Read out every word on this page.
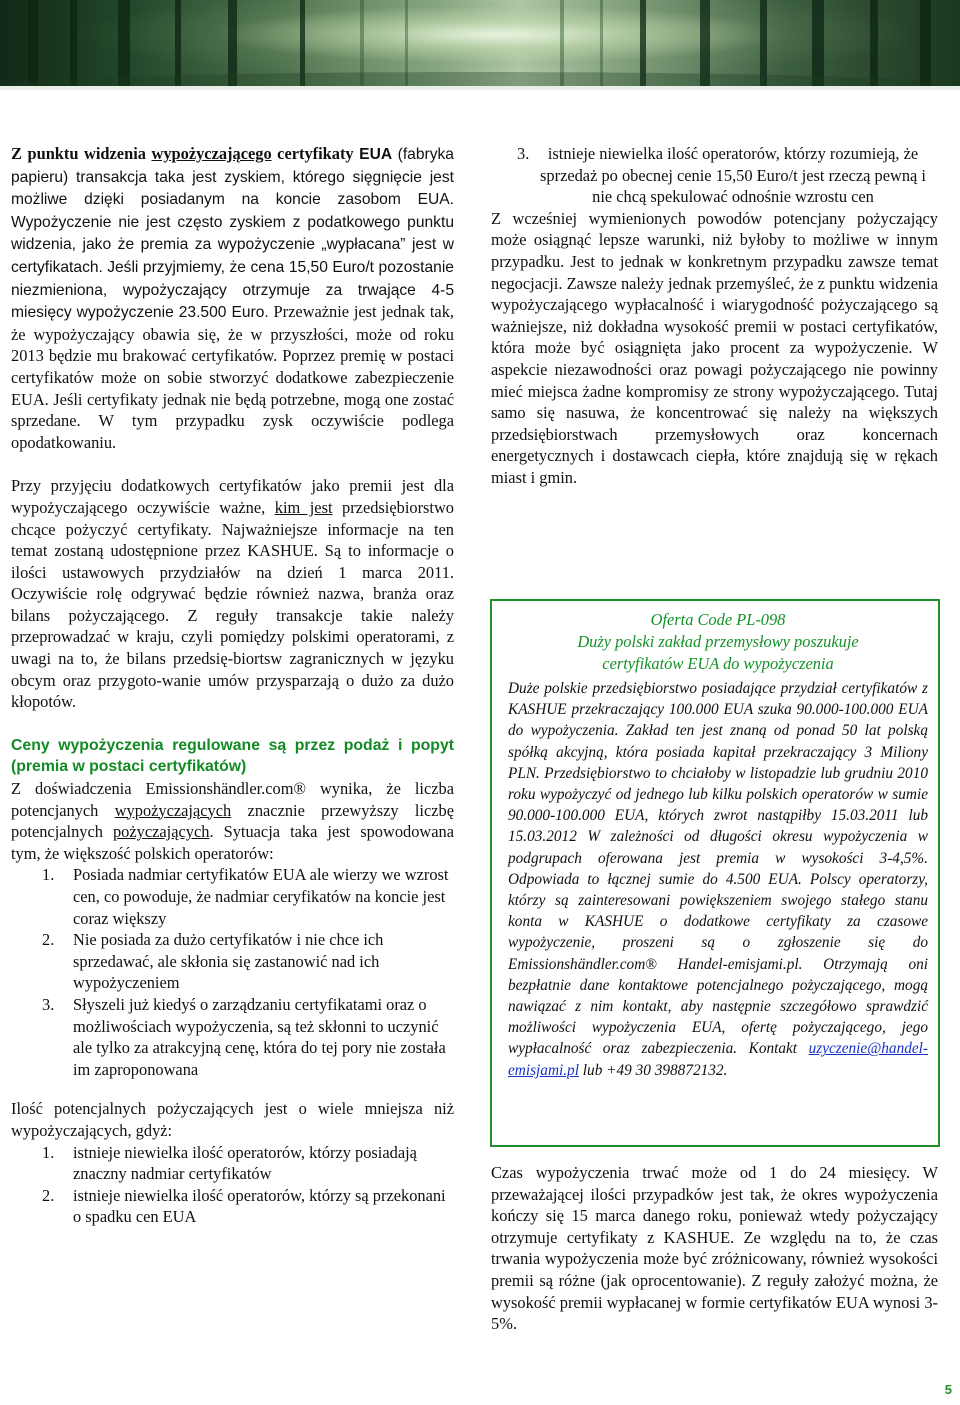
Z punktu widzenia wypożyczającego certyfikaty EUA (fabryka papieru) transakcja taka jest zyskiem, którego sięgnięcie jest możliwe dzięki posiadanym na koncie zasobom EUA. Wypożyczenie nie jest często zyskiem z podatkowego punktu widzenia, jako że premia za wypożyczenie „wypłacana” jest w certyfikatach. Jeśli przyjmiemy, że cena 15,50 Euro/t pozostanie niezmieniona, wypożyczający otrzymuje za trwające 4-5 miesięcy wypożyczenie 23.500 Euro. Przeważnie jest jednak tak, że wypożyczający obawia się, że w przyszłości, może od roku 2013 będzie mu brakować certyfikatów. Poprzez premię w postaci certyfikatów może on sobie stworzyć dodatkowe zabezpieczenie EUA. Jeśli certyfikaty jednak nie będą potrzebne, mogą one zostać sprzedane. W tym przypadku zysk oczywiście podlega opodatkowaniu.

Przy przyjęciu dodatkowych certyfikatów jako premii jest dla wypożyczającego oczywiście ważne, kim jest przedsiębiorstwo chcące pożyczyć certyfikaty. Najważniejsze informacje na ten temat zostaną udostępnione przez KASHUE. Są to informacje o ilości ustawowych przydziałów na dzień 1 marca 2011. Oczywiście rolę odgrywać będzie również nazwa, branża oraz bilans pożyczającego. Z reguły transakcje takie należy przeprowadzać w kraju, czyli pomiędzy polskimi operatorami, z uwagi na to, że bilans przedsię-biortsw zagranicznych w języku obcym oraz przygoto-wanie umów przysparzają o dużo za dużo kłopotów.

Ceny wypożyczenia regulowane są przez podaż i popyt (premia w postaci certyfikatów)

Z doświadczenia Emissionshändler.com® wynika, że liczba potencjanych wypożyczających znacznie przewyższy liczbę potencjalnych pożyczających. Sytuacja taka jest spowodowana tym, że większość polskich operatorów:

1. Posiada nadmiar certyfikatów EUA ale wierzy we wzrost cen, co powoduje, że nadmiar ceryfikatów na koncie jest coraz większy
2. Nie posiada za dużo certyfikatów i nie chce ich sprzedawać, ale skłonia się zastanowić nad ich wypożyczeniem
3. Słyszeli już kiedyś o zarządzaniu certyfikatami oraz o możliwościach wypożyczenia, są też skłonni to uczynić ale tylko za atrakcyjną cenę, która do tej pory nie została im zaproponowana

Ilość potencjalnych pożyczających jest o wiele mniejsza niż wypożyczających, gdyż:

1. istnieje niewielka ilość operatorów, którzy posiadają znaczny nadmiar certyfikatów
2. istnieje niewielka ilość operatorów, którzy są przekonani o spadku cen EUA
3. istnieje niewielka ilość operatorów, którzy rozumieją, że sprzedaż po obecnej cenie 15,50 Euro/t jest rzeczą pewną i nie chcą spekulować odnośnie wzrostu cen

Z wcześniej wymienionych powodów potencjany pożyczający może osiągnąć lepsze warunki, niż byłoby to możliwe w innym przypadku. Jest to jednak w konkretnym przypadku zawsze temat negocjacji. Zawsze należy jednak przemyśleć, że z punktu widzenia wypożyczającego wypłacalność i wiarygodność pożyczającego są ważniejsze, niż dokładna wysokość premii w postaci certyfikatów, która może być osiągnięta jako procent za wypożyczenie. W aspekcie niezawodności oraz powagi pożyczającego nie powinny mieć miejsca żadne kompromisy ze strony wypożyczającego. Tutaj samo się nasuwa, że koncentrować się należy na większych przedsiębiorstwach przemysłowych oraz koncernach energetycznych i dostawcach ciepła, które znajdują się w rękach miast i gmin.

Oferta Code PL-098
Duży polski zakład przemysłowy poszukuje
certyfikatów EUA do wypożyczenia

Duże polskie przedsiębiorstwo posiadające przydział certyfikatów z KASHUE przekraczający 100.000 EUA szuka 90.000-100.000 EUA do wypożyczenia. Zakład ten jest znaną od ponad 50 lat polską spółką akcyjną, która posiada kapitał przekraczający 3 Miliony PLN. Przedsiębiorstwo to chciałoby w listopadzie lub grudniu 2010 roku wypożyczyć od jednego lub kilku polskich operatorów w sumie 90.000-100.000 EUA, których zwrot nastąpiłby 15.03.2011 lub 15.03.2012 W zależności od długości okresu wypożyczenia w podgrupach oferowana jest premia w wysokości 3-4,5%. Odpowiada to łącznej sumie do 4.500 EUA. Polscy operatorzy, którzy są zainteresowani powiększeniem swojego stałego stanu konta w KASHUE o dodatkowe certyfikaty za czasowe wypożyczenie, proszeni są o zgłoszenie się do Emissionshändler.com® Handel-emisjami.pl. Otrzymają oni bezpłatnie dane kontaktowe potencjalnego pożyczającego, mogą nawiązać z nim kontakt, aby następnie szczegółowo sprawdzić możliwości wypożyczenia EUA, ofertę pożyczającego, jego wypłacalność oraz zabezpieczenia. Kontakt uzyczenie@handel-emisjami.pl lub +49 30 398872132.

Czas wypożyczenia trwać może od 1 do 24 miesięcy. W przeważającej ilości przypadków jest tak, że okres wypożyczenia kończy się 15 marca danego roku, ponieważ wtedy pożyczający otrzymuje certyfikaty z KASHUE. Ze względu na to, że czas trwania wypożyczenia może być zróżnicowany, również wysokości premii są różne (jak oprocentowanie). Z reguły założyć można, że wysokość premii wypłacanej w formie certyfikatów EUA wynosi 3-5%.
5
